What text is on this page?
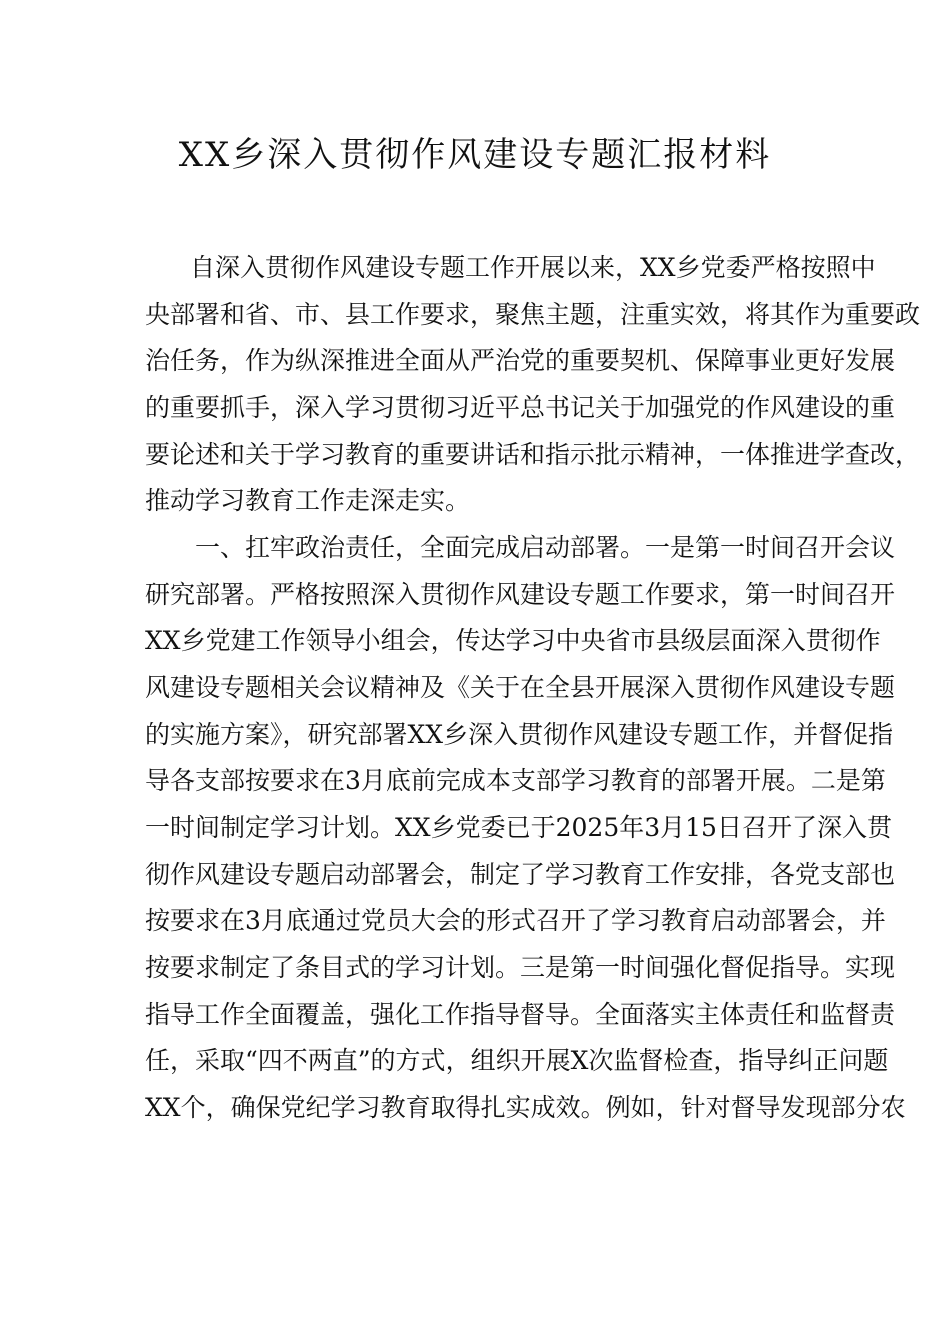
XX乡深入贯彻作风建设专题汇报材料
自深入贯彻作风建设专题工作开展以来，XX乡党委严格按照中
央部署和省、市、县工作要求，聚焦主题，注重实效，将其作为重要政
治任务，作为纵深推进全面从严治党的重要契机、保障事业更好发展
的重要抓手，深入学习贯彻习近平总书记关于加强党的作风建设的重
要论述和关于学习教育的重要讲话和指示批示精神，一体推进学查改，
推动学习教育工作走深走实。
一、扛牢政治责任，全面完成启动部署。一是第一时间召开会议
研究部署。严格按照深入贯彻作风建设专题工作要求，第一时间召开
XX乡党建工作领导小组会，传达学习中央省市县级层面深入贯彻作
风建设专题相关会议精神及《关于在全县开展深入贯彻作风建设专题
的实施方案》，研究部署XX乡深入贯彻作风建设专题工作，并督促指
导各支部按要求在3月底前完成本支部学习教育的部署开展。二是第
一时间制定学习计划。XX乡党委已于2025年3月15日召开了深入贯
彻作风建设专题启动部署会，制定了学习教育工作安排，各党支部也
按要求在3月底通过党员大会的形式召开了学习教育启动部署会，并
按要求制定了条目式的学习计划。三是第一时间强化督促指导。实现
指导工作全面覆盖，强化工作指导督导。全面落实主体责任和监督责
任，采取“四不两直”的方式，组织开展X次监督检查，指导纠正问题
XX个，确保党纪学习教育取得扎实成效。例如，针对督导发现部分农
